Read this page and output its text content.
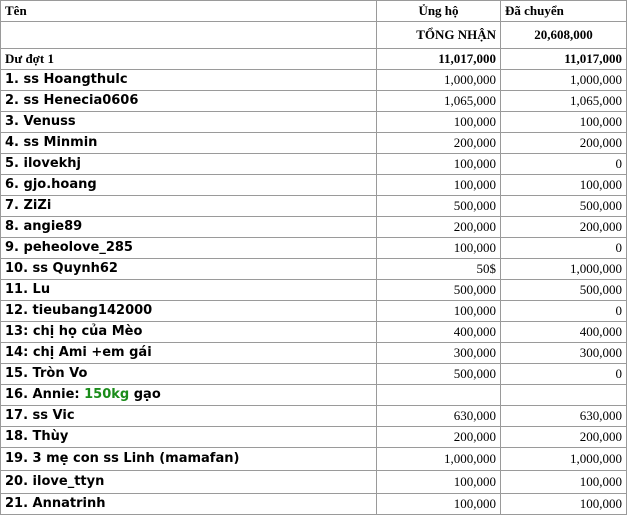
Tên	Ủng hộ	Đã chuyển
	TỔNG NHẬN	20,608,000
Dư đợt 1	11,017,000	11,017,000
1. ss Hoangthulc	1,000,000	1,000,000
2. ss Henecia0606	1,065,000	1,065,000
3. Venuss	100,000	100,000
4. ss Minmin	200,000	200,000
5. ilovekhj	100,000	0
6. gjo.hoang	100,000	100,000
7. ZiZi	500,000	500,000
8. angie89	200,000	200,000
9. peheolove_285	100,000	0
10. ss Quynh62	50$	1,000,000
11. Lu	500,000	500,000
12. tieubang142000	100,000	0
13: chị họ của Mèo	400,000	400,000
14: chị Ami +em gái	300,000	300,000
15. Tròn Vo	500,000	0
16. Annie: 150kg gạo		
17. ss Vic	630,000	630,000
18. Thùy	200,000	200,000
19. 3 mẹ con ss Linh (mamafan)	1,000,000	1,000,000
20. ilove_ttyn	100,000	100,000
21. Annatrinh	100,000	100,000
